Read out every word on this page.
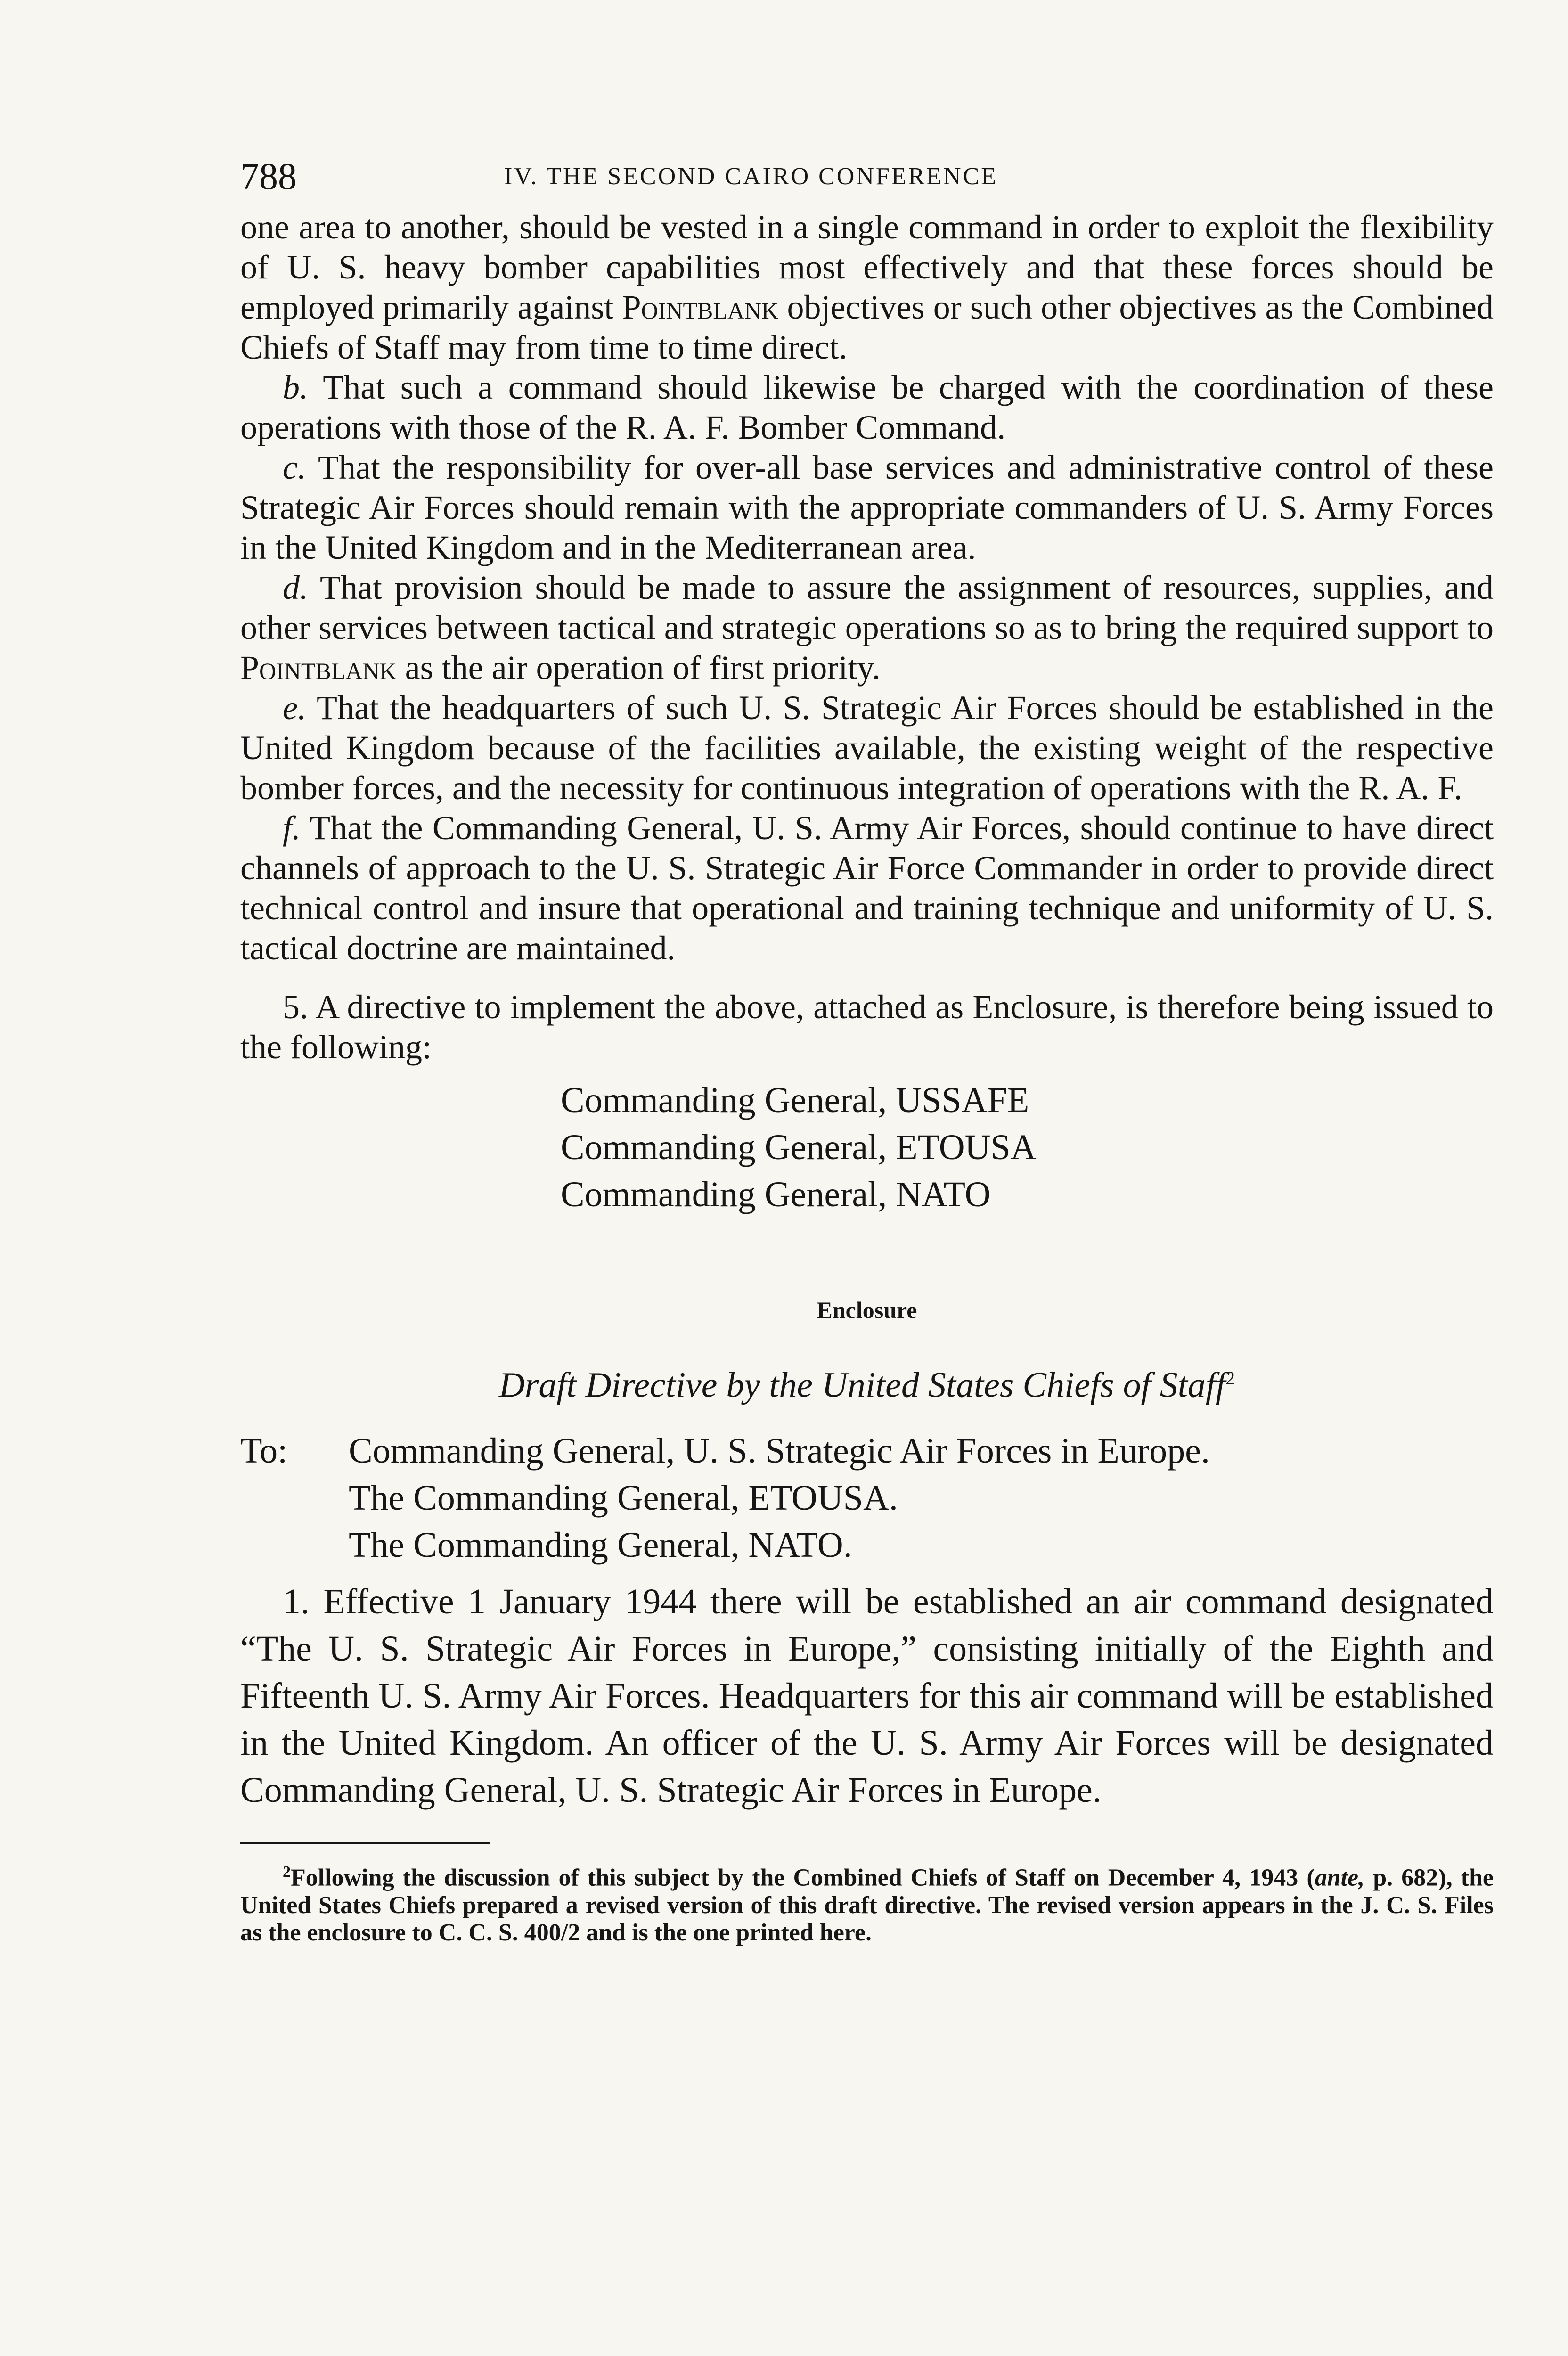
788	IV. THE SECOND CAIRO CONFERENCE

one area to another, should be vested in a single command in order to exploit the flexibility of U. S. heavy bomber capabilities most effectively and that these forces should be employed primarily against Pointblank objectives or such other objectives as the Combined Chiefs of Staff may from time to time direct.

b. That such a command should likewise be charged with the coordination of these operations with those of the R. A. F. Bomber Command.

c. That the responsibility for over-all base services and administrative control of these Strategic Air Forces should remain with the appropriate commanders of U. S. Army Forces in the United Kingdom and in the Mediterranean area.

d. That provision should be made to assure the assignment of resources, supplies, and other services between tactical and strategic operations so as to bring the required support to Pointblank as the air operation of first priority.

e. That the headquarters of such U. S. Strategic Air Forces should be established in the United Kingdom because of the facilities available, the existing weight of the respective bomber forces, and the necessity for continuous integration of operations with the R. A. F.

f. That the Commanding General, U. S. Army Air Forces, should continue to have direct channels of approach to the U. S. Strategic Air Force Commander in order to provide direct technical control and insure that operational and training technique and uniformity of U. S. tactical doctrine are maintained.

5. A directive to implement the above, attached as Enclosure, is therefore being issued to the following:

Commanding General, USSAFE
Commanding General, ETOUSA
Commanding General, NATO
Enclosure
Draft Directive by the United States Chiefs of Staff$^2$
To:	Commanding General, U. S. Strategic Air Forces in Europe.
The Commanding General, ETOUSA.
The Commanding General, NATO.
1. Effective 1 January 1944 there will be established an air command designated “The U. S. Strategic Air Forces in Europe,” consisting initially of the Eighth and Fifteenth U. S. Army Air Forces. Headquarters for this air command will be established in the United Kingdom. An officer of the U. S. Army Air Forces will be designated Commanding General, U. S. Strategic Air Forces in Europe.
$^2$Following the discussion of this subject by the Combined Chiefs of Staff on December 4, 1943 (ante, p. 682), the United States Chiefs prepared a revised version of this draft directive. The revised version appears in the J. C. S. Files as the enclosure to C. C. S. 400/2 and is the one printed here.
